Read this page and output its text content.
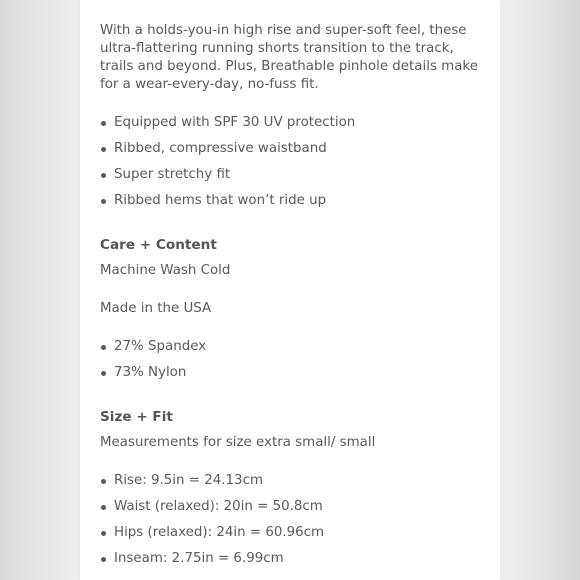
With a holds-you-in high rise and super-soft feel, these ultra-flattering running shorts transition to the track, trails and beyond. Plus, Breathable pinhole details make for a wear-every-day, no-fuss fit.

Equipped with SPF 30 UV protection
Ribbed, compressive waistband
Super stretchy fit
Ribbed hems that won’t ride up

Care + Content

Machine Wash Cold

Made in the USA

27% Spandex
73% Nylon

Size + Fit

Measurements for size extra small/ small

Rise: 9.5in = 24.13cm
Waist (relaxed): 20in = 50.8cm
Hips (relaxed): 24in = 60.96cm
Inseam: 2.75in = 6.99cm
